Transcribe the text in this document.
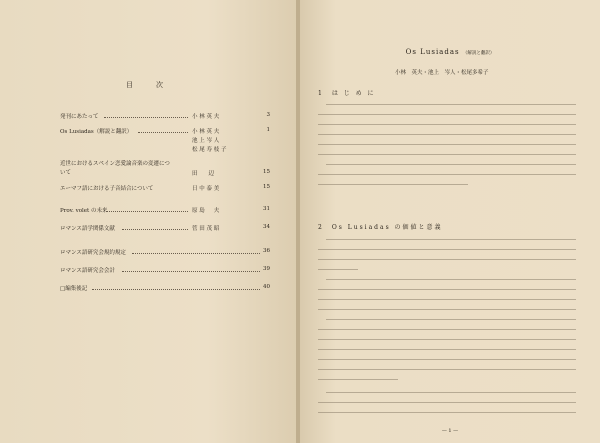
目　次
発刊にあたって	小 林 英 夫	3
Os Lusiadas（解説と翻訳）	小 林 英 夫	1
池 上 岑 人
松 尾 寿 枝 子
近世におけるスペイン恋愛論音楽の変遷について	田　　辺	15
エーマフ語における子音結合について	日 中 泰 美	15
Prov. volet の未来	原 島 　 夫	31
ロマンス語学関係文献	菅 田 茂 昭	34
ロマンス語研究会規約規定	36
ロマンス語研究会会計	39
□編集後記	40
Os Lusiadas （解説と翻訳）
小林　英夫・池上　岑人・松尾多希子
1　は じ め に
2　Os Lusiadas の価値と意義
— 1 —
